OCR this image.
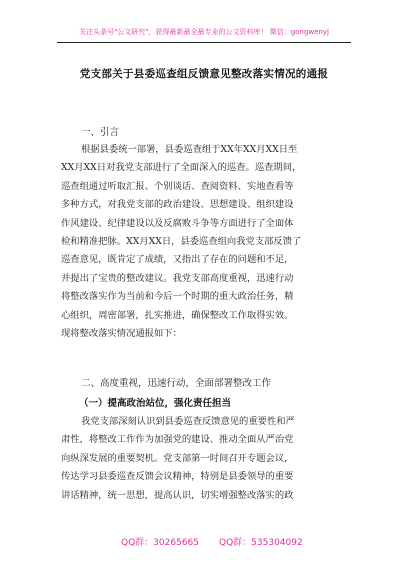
关注头条号"公文研究"，获得最新最全最专业的公文资料库！ 微信：gongwenyj
党支部关于县委巡查组反馈意见整改落实情况的通报
一、引言
根据县委统一部署，县委巡查组于XX年XX月XX日至
XX月XX日对我党支部进行了全面深入的巡查。巡查期间，
巡查组通过听取汇报、个别谈话、查阅资料、实地查看等
多种方式，对我党支部的政治建设、思想建设、组织建设
作风建设、纪律建设以及反腐败斗争等方面进行了全面体
检和精准把脉。XX月XX日，县委巡查组向我党支部反馈了
巡查意见，既肯定了成绩，又指出了存在的问题和不足，
并提出了宝贵的整改建议。我党支部高度重视，迅速行动
将整改落实作为当前和今后一个时期的重大政治任务，精
心组织，周密部署，扎实推进，确保整改工作取得实效。
现将整改落实情况通报如下：
二、高度重视，迅速行动，全面部署整改工作
（一）提高政治站位，强化责任担当
我党支部深刻认识到县委巡查反馈意见的重要性和严
肃性，将整改工作作为加强党的建设、推动全面从严治党
向纵深发展的重要契机。党支部第一时间召开专题会议，
传达学习县委巡查反馈会议精神，特别是县委领导的重要
讲话精神，统一思想，提高认识，切实增强整改落实的政
QQ群：30265665 QQ群：535304092
